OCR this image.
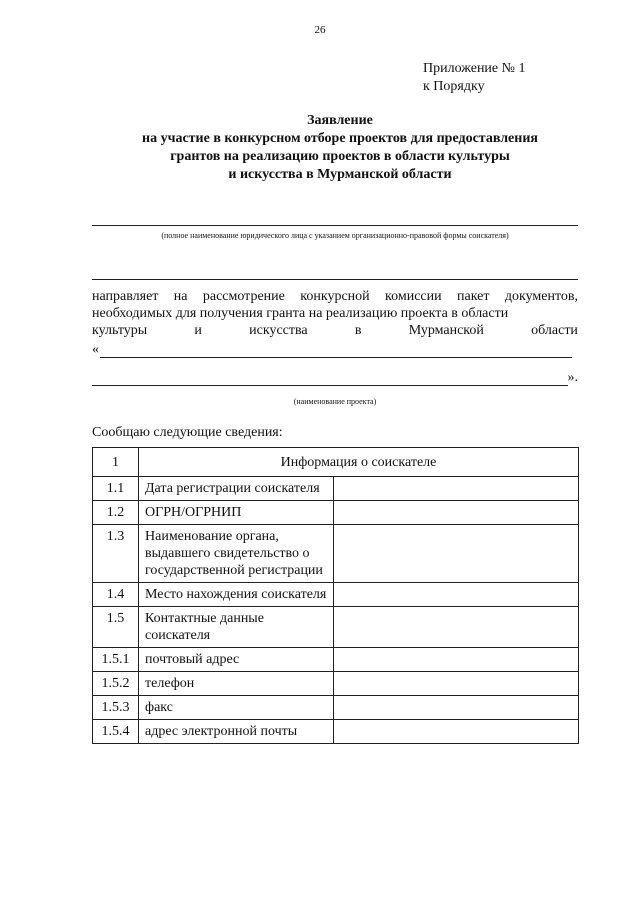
26
Приложение № 1
к Порядку
Заявление
на участие в конкурсном отборе проектов для предоставления
грантов на реализацию проектов в области культуры
и искусства в Мурманской области
(полное наименование юридического лица с указанием организационно-правовой формы соискателя)
направляет на рассмотрение конкурсной комиссии пакет документов, необходимых для получения гранта на реализацию проекта в области
культуры	и	искусства	в	Мурманской	области
«
».
(наименование проекта)
Сообщаю следующие сведения:
1	Информация о соискателе	
1.1	Дата регистрации соискателя	
1.2	ОГРН/ОГРНИП	
1.3	Наименование органа, выдавшего свидетельство о государственной регистрации	
1.4	Место нахождения соискателя	
1.5	Контактные данные соискателя	
1.5.1	почтовый адрес	
1.5.2	телефон	
1.5.3	факс	
1.5.4	адрес электронной почты	
